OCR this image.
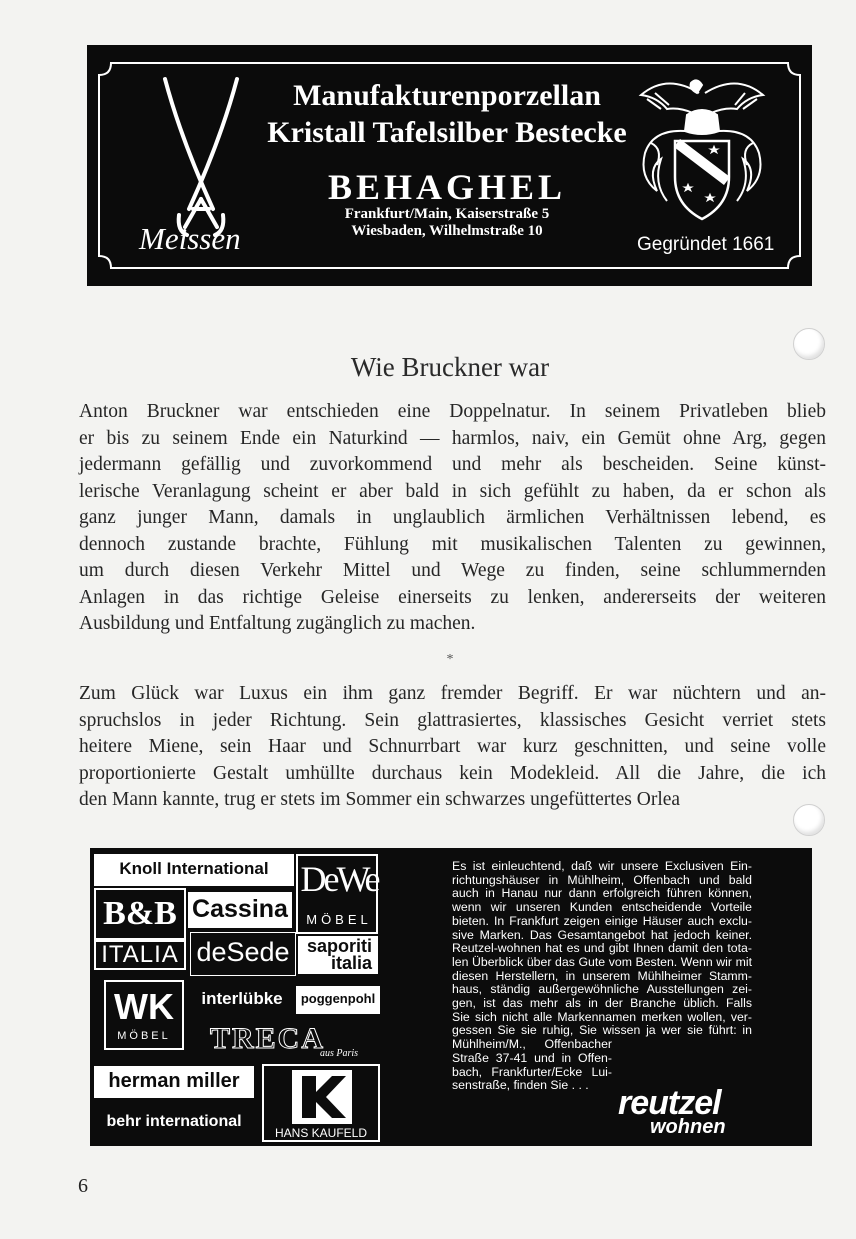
Meissen
Manufakturenporzellan
Kristall Tafelsilber Bestecke
BEHAGHEL
Frankfurt/Main, Kaiserstraße 5
Wiesbaden, Wilhelmstraße 10
Gegründet 1661
Wie Bruckner war
Anton Bruckner war entschieden eine Doppelnatur. In seinem Privatleben blieb
er bis zu seinem Ende ein Naturkind — harmlos, naiv, ein Gemüt ohne Arg, gegen
jedermann gefällig und zuvorkommend und mehr als bescheiden. Seine künst-
lerische Veranlagung scheint er aber bald in sich gefühlt zu haben, da er schon als
ganz junger Mann, damals in unglaublich ärmlichen Verhältnissen lebend, es
dennoch zustande brachte, Fühlung mit musikalischen Talenten zu gewinnen,
um durch diesen Verkehr Mittel und Wege zu finden, seine schlummernden
Anlagen in das richtige Geleise einerseits zu lenken, andererseits der weiteren
Ausbildung und Entfaltung zugänglich zu machen.
*
Zum Glück war Luxus ein ihm ganz fremder Begriff. Er war nüchtern und an-
spruchslos in jeder Richtung. Sein glattrasiertes, klassisches Gesicht verriet stets
heitere Miene, sein Haar und Schnurrbart war kurz geschnitten, und seine volle
proportionierte Gestalt umhüllte durchaus kein Modekleid. All die Jahre, die ich
den Mann kannte, trug er stets im Sommer ein schwarzes ungefüttertes Orlea
Knoll International
B&B
ITALIA
Cassina
deSede
DeWe
MÖBEL
saporiti
italia
WK
MÖBEL
interlübke	poggenpohl
TRECA
aus Paris
herman miller
behr international
HANS KAUFELD
Es ist einleuchtend, daß wir unsere Exclusiven Ein-
richtungshäuser in Mühlheim, Offenbach und bald
auch in Hanau nur dann erfolgreich führen können,
wenn wir unseren Kunden entscheidende Vorteile
bieten. In Frankfurt zeigen einige Häuser auch exclu-
sive Marken. Das Gesamtangebot hat jedoch keiner.
Reutzel-wohnen hat es und gibt Ihnen damit den tota-
len Überblick über das Gute vom Besten. Wenn wir mit
diesen Herstellern, in unserem Mühlheimer Stamm-
haus, ständig außergewöhnliche Ausstellungen zei-
gen, ist das mehr als in der Branche üblich. Falls
Sie sich nicht alle Markennamen merken wollen, ver-
gessen Sie sie ruhig, Sie wissen ja wer sie führt: in
Mühlheim/M., Offenbacher
Straße 37-41 und in Offen-
bach, Frankfurter/Ecke Lui-
senstraße, finden Sie . . . reutzel
wohnen
6
